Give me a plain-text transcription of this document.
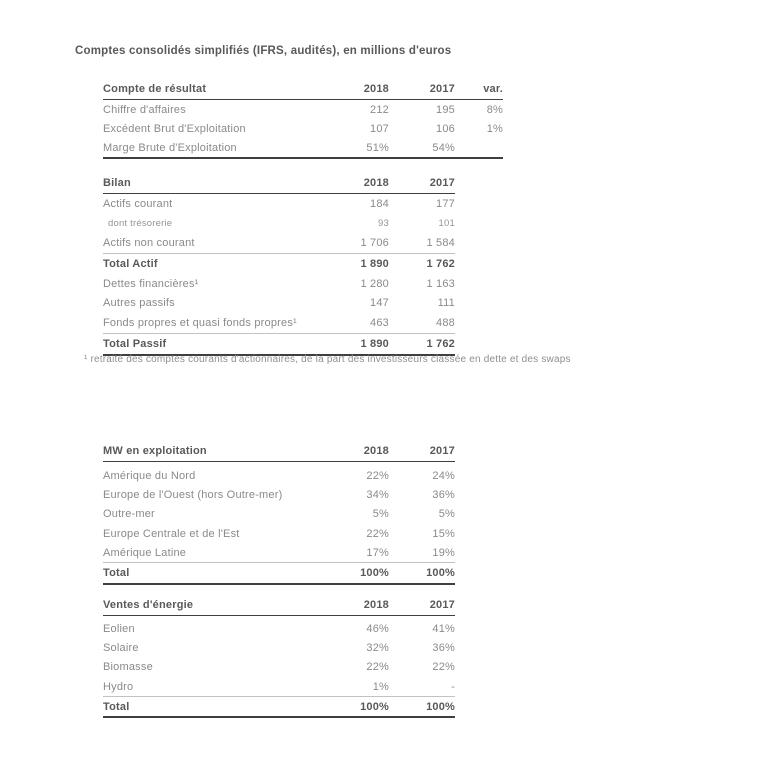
Comptes consolidés simplifiés (IFRS, audités), en millions d'euros
Compte de résultat	2018	2017	var.
Chiffre d'affaires	212	195	8%
Excédent Brut d'Exploitation	107	106	1%
Marge Brute d'Exploitation	51%	54%
Bilan	2018	2017
Actifs courant	184	177
dont trésorerie	93	101
Actifs non courant	1 706	1 584
Total Actif	1 890	1 762
Dettes financières¹	1 280	1 163
Autres passifs	147	111
Fonds propres et quasi fonds propres¹	463	488
Total Passif	1 890	1 762
¹ retraité des comptes courants d'actionnaires, de la part des investisseurs classée en dette et des swaps
MW en exploitation	2018	2017
Amérique du Nord	22%	24%
Europe de l'Ouest (hors Outre-mer)	34%	36%
Outre-mer	5%	5%
Europe Centrale et de l'Est	22%	15%
Amérique Latine	17%	19%
Total	100%	100%
Ventes d'énergie	2018	2017
Eolien	46%	41%
Solaire	32%	36%
Biomasse	22%	22%
Hydro	1%	-
Total	100%	100%
